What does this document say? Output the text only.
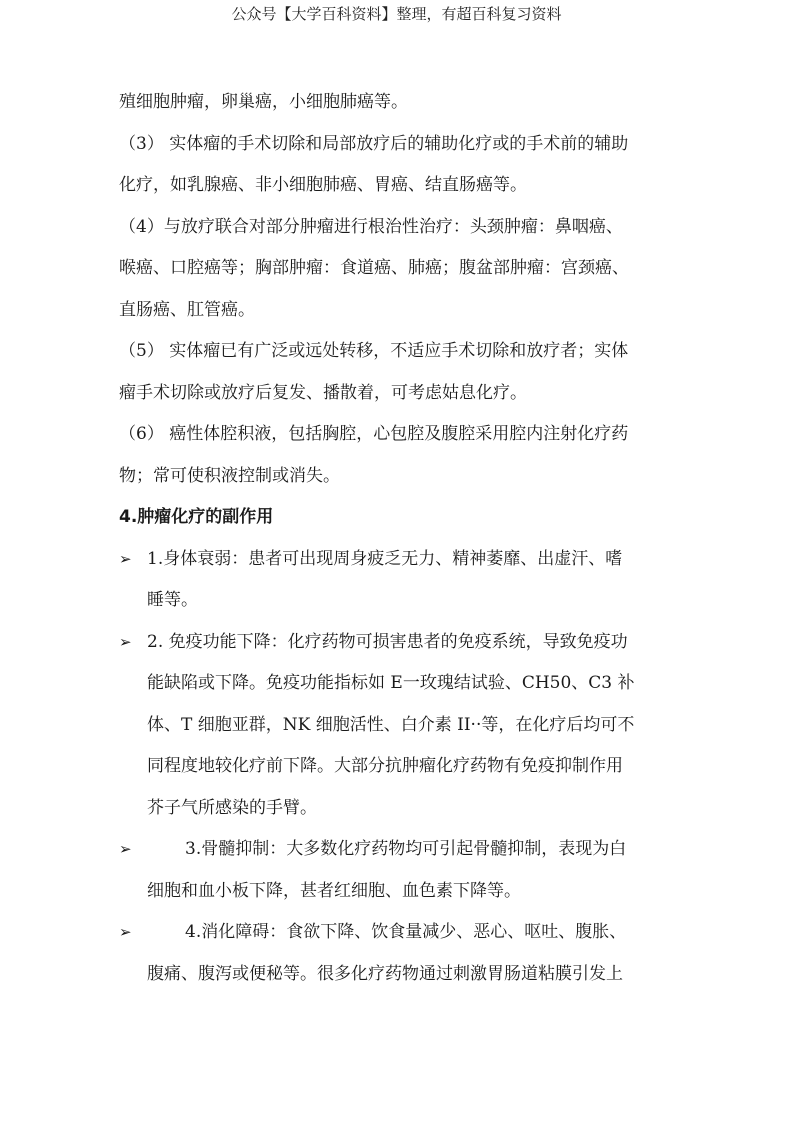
公众号【大学百科资料】整理，有超百科复习资料

殖细胞肿瘤，卵巢癌，小细胞肺癌等。

（3） 实体瘤的手术切除和局部放疗后的辅助化疗或的手术前的辅助

化疗，如乳腺癌、非小细胞肺癌、胃癌、结直肠癌等。

（4）与放疗联合对部分肿瘤进行根治性治疗：头颈肿瘤：鼻咽癌、

喉癌、口腔癌等；胸部肿瘤：食道癌、肺癌；腹盆部肿瘤：宫颈癌、

直肠癌、肛管癌。

（5） 实体瘤已有广泛或远处转移，不适应手术切除和放疗者；实体

瘤手术切除或放疗后复发、播散着，可考虑姑息化疗。

（6） 癌性体腔积液，包括胸腔，心包腔及腹腔采用腔内注射化疗药

物；常可使积液控制或消失。

4.肿瘤化疗的副作用

➢ 1.身体衰弱：患者可出现周身疲乏无力、精神萎靡、出虚汗、嗜
睡等。
➢ 2. 免疫功能下降：化疗药物可损害患者的免疫系统，导致免疫功
能缺陷或下降。免疫功能指标如 E一玫瑰结试验、CH50、C3 补
体、T 细胞亚群，NK 细胞活性、白介素 II··等，在化疗后均可不
同程度地较化疗前下降。大部分抗肿瘤化疗药物有免疫抑制作用
芥子气所感染的手臂。
➢	3.骨髓抑制：大多数化疗药物均可引起骨髓抑制，表现为白
细胞和血小板下降，甚者红细胞、血色素下降等。
➢	4.消化障碍：食欲下降、饮食量减少、恶心、呕吐、腹胀、
腹痛、腹泻或便秘等。很多化疗药物通过刺激胃肠道粘膜引发上
